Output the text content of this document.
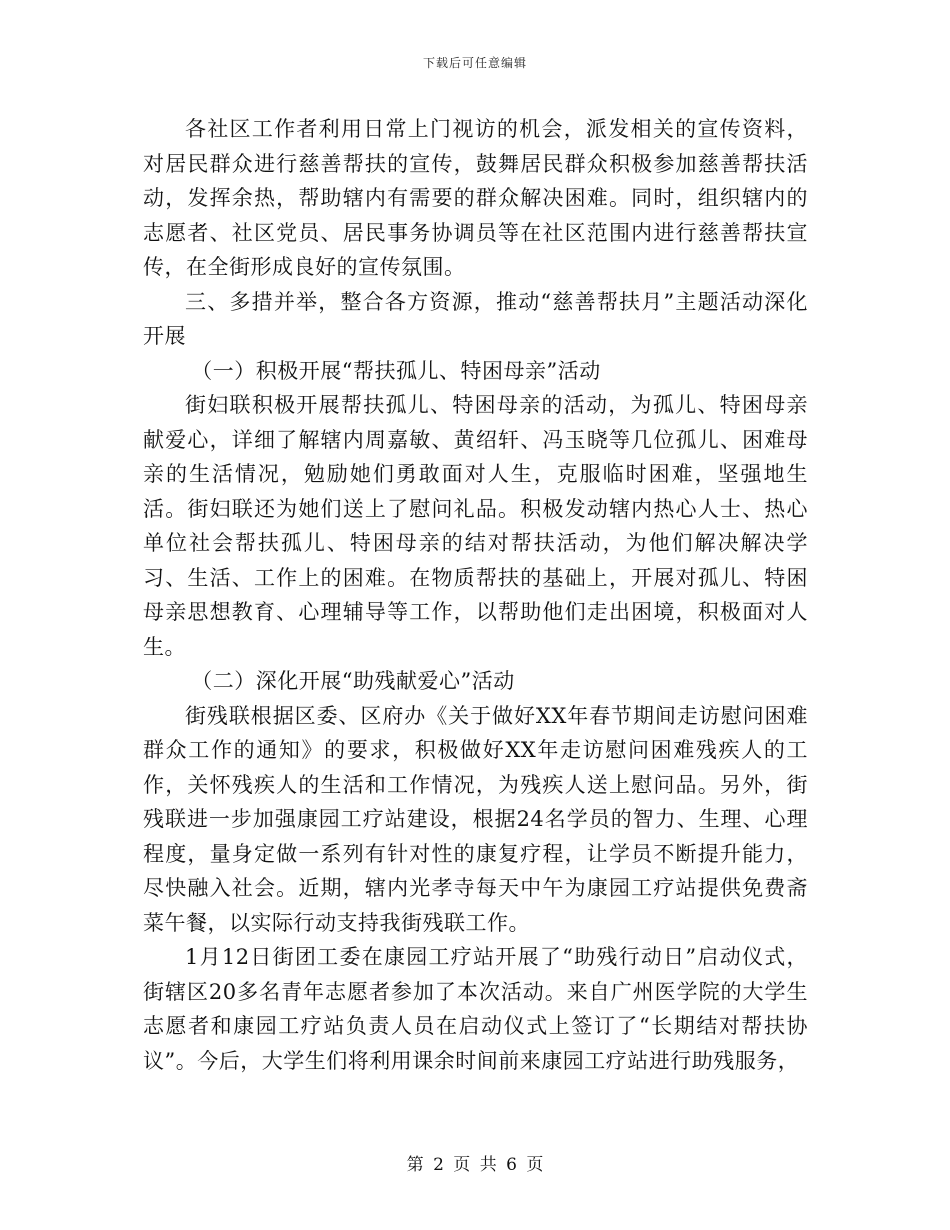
下载后可任意编辑

各社区工作者利用日常上门视访的机会，派发相关的宣传资料，对居民群众进行慈善帮扶的宣传，鼓舞居民群众积极参加慈善帮扶活动，发挥余热，帮助辖内有需要的群众解决困难。同时，组织辖内的志愿者、社区党员、居民事务协调员等在社区范围内进行慈善帮扶宣传，在全街形成良好的宣传氛围。

三、多措并举，整合各方资源，推动“慈善帮扶月”主题活动深化开展

（一）积极开展“帮扶孤儿、特困母亲”活动

街妇联积极开展帮扶孤儿、特困母亲的活动，为孤儿、特困母亲献爱心，详细了解辖内周嘉敏、黄绍轩、冯玉晓等几位孤儿、困难母亲的生活情况，勉励她们勇敢面对人生，克服临时困难，坚强地生活。街妇联还为她们送上了慰问礼品。积极发动辖内热心人士、热心单位社会帮扶孤儿、特困母亲的结对帮扶活动，为他们解决解决学习、生活、工作上的困难。在物质帮扶的基础上，开展对孤儿、特困母亲思想教育、心理辅导等工作，以帮助他们走出困境，积极面对人生。

（二）深化开展“助残献爱心”活动

街残联根据区委、区府办《关于做好XX年春节期间走访慰问困难群众工作的通知》的要求，积极做好XX年走访慰问困难残疾人的工作，关怀残疾人的生活和工作情况，为残疾人送上慰问品。另外，街残联进一步加强康园工疗站建设，根据24名学员的智力、生理、心理程度，量身定做一系列有针对性的康复疗程，让学员不断提升能力，尽快融入社会。近期，辖内光孝寺每天中午为康园工疗站提供免费斋菜午餐，以实际行动支持我街残联工作。

1月12日街团工委在康园工疗站开展了“助残行动日”启动仪式，街辖区20多名青年志愿者参加了本次活动。来自广州医学院的大学生志愿者和康园工疗站负责人员在启动仪式上签订了“长期结对帮扶协议”。今后，大学生们将利用课余时间前来康园工疗站进行助残服务，

第 2 页 共 6 页
